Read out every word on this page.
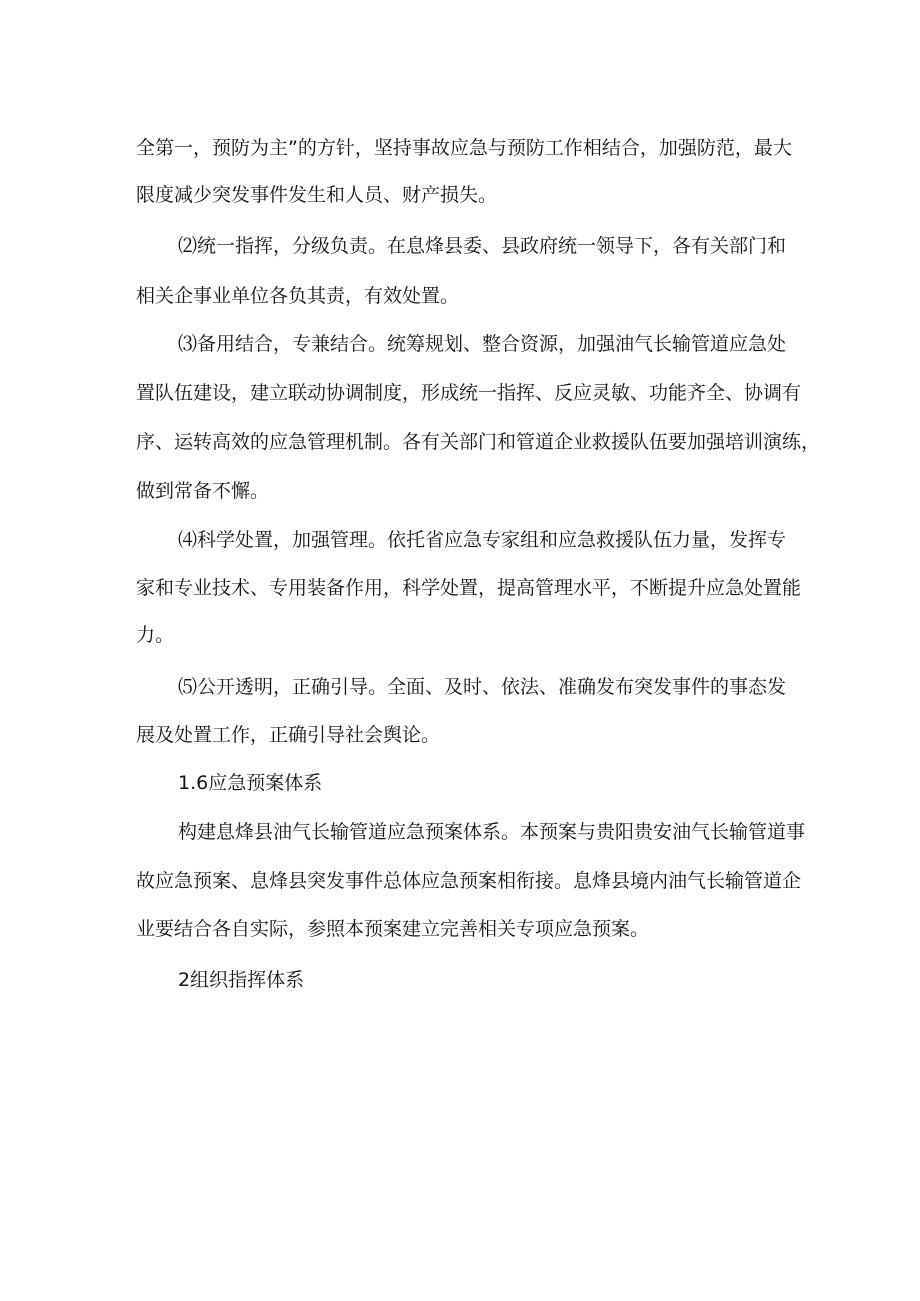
全第一，预防为主”的方针，坚持事故应急与预防工作相结合，加强防范，最大

限度减少突发事件发生和人员、财产损失。

⑵统一指挥，分级负责。在息烽县委、县政府统一领导下，各有关部门和

相关企事业单位各负其责，有效处置。

⑶备用结合，专兼结合。统筹规划、整合资源，加强油气长输管道应急处

置队伍建设，建立联动协调制度，形成统一指挥、反应灵敏、功能齐全、协调有

序、运转高效的应急管理机制。各有关部门和管道企业救援队伍要加强培训演练，

做到常备不懈。

⑷科学处置，加强管理。依托省应急专家组和应急救援队伍力量，发挥专

家和专业技术、专用装备作用，科学处置，提高管理水平，不断提升应急处置能

力。

⑸公开透明，正确引导。全面、及时、依法、准确发布突发事件的事态发

展及处置工作，正确引导社会舆论。

1.6应急预案体系

构建息烽县油气长输管道应急预案体系。本预案与贵阳贵安油气长输管道事

故应急预案、息烽县突发事件总体应急预案相衔接。息烽县境内油气长输管道企

业要结合各自实际，参照本预案建立完善相关专项应急预案。

2组织指挥体系
